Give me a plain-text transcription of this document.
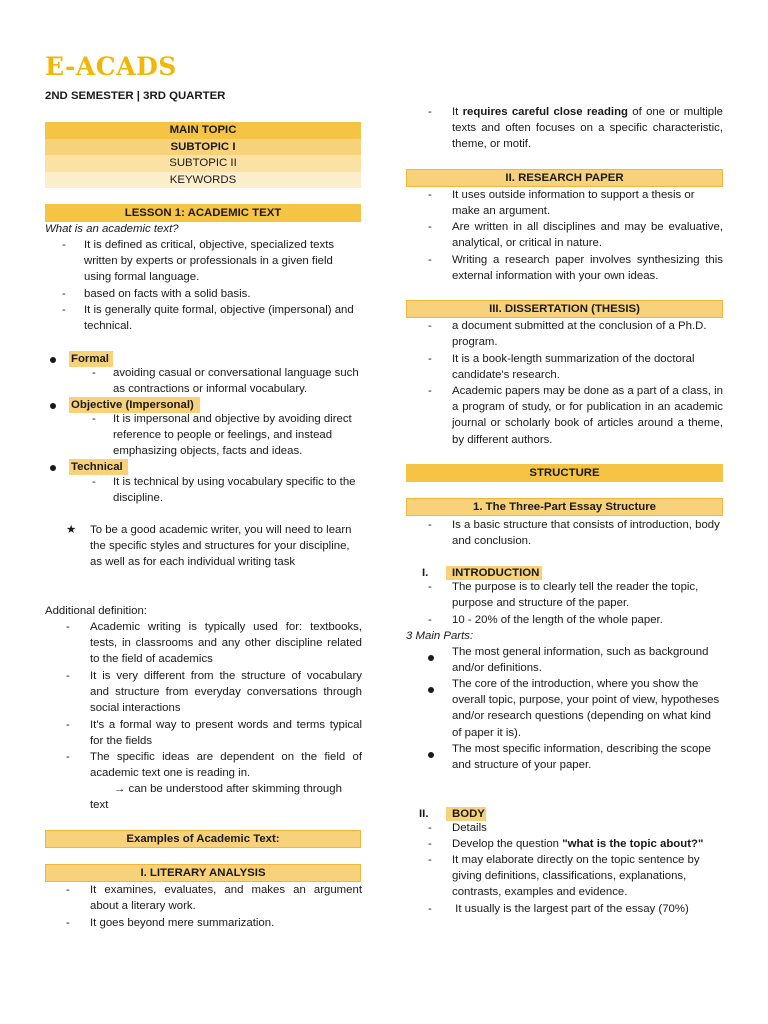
E-ACADS
2ND SEMESTER | 3RD QUARTER
MAIN TOPIC
SUBTOPIC I
SUBTOPIC II
KEYWORDS
LESSON 1: ACADEMIC TEXT
What is an academic text?
- It is defined as critical, objective, specialized texts written by experts or professionals in a given field using formal language.
- based on facts with a solid basis.
- It is generally quite formal, objective (impersonal) and technical.
Formal
- avoiding casual or conversational language such as contractions or informal vocabulary.
Objective (Impersonal)
- It is impersonal and objective by avoiding direct reference to people or feelings, and instead emphasizing objects, facts and ideas.
Technical
- It is technical by using vocabulary specific to the discipline.
★ To be a good academic writer, you will need to learn the specific styles and structures for your discipline, as well as for each individual writing task
Additional definition:
- Academic writing is typically used for: textbooks, tests, in classrooms and any other discipline related to the field of academics
- It is very different from the structure of vocabulary and structure from everyday conversations through social interactions
- It's a formal way to present words and terms typical for the fields
- The specific ideas are dependent on the field of academic text one is reading in.
→ can be understood after skimming through text
Examples of Academic Text:
I. LITERARY ANALYSIS
- It examines, evaluates, and makes an argument about a literary work.
- It goes beyond mere summarization.
- It requires careful close reading of one or multiple texts and often focuses on a specific characteristic, theme, or motif.
II. RESEARCH PAPER
- It uses outside information to support a thesis or make an argument.
- Are written in all disciplines and may be evaluative, analytical, or critical in nature.
- Writing a research paper involves synthesizing this external information with your own ideas.
III. DISSERTATION (THESIS)
- a document submitted at the conclusion of a Ph.D. program.
- It is a book-length summarization of the doctoral candidate's research.
- Academic papers may be done as a part of a class, in a program of study, or for publication in an academic journal or scholarly book of articles around a theme, by different authors.
STRUCTURE
1. The Three-Part Essay Structure
- Is a basic structure that consists of introduction, body and conclusion.
I. INTRODUCTION
- The purpose is to clearly tell the reader the topic, purpose and structure of the paper.
- 10 - 20% of the length of the whole paper.
3 Main Parts:
The most general information, such as background and/or definitions.
The core of the introduction, where you show the overall topic, purpose, your point of view, hypotheses and/or research questions (depending on what kind of paper it is).
The most specific information, describing the scope and structure of your paper.
II. BODY
- Details
- Develop the question "what is the topic about?"
- It may elaborate directly on the topic sentence by giving definitions, classifications, explanations, contrasts, examples and evidence.
- It usually is the largest part of the essay (70%)
